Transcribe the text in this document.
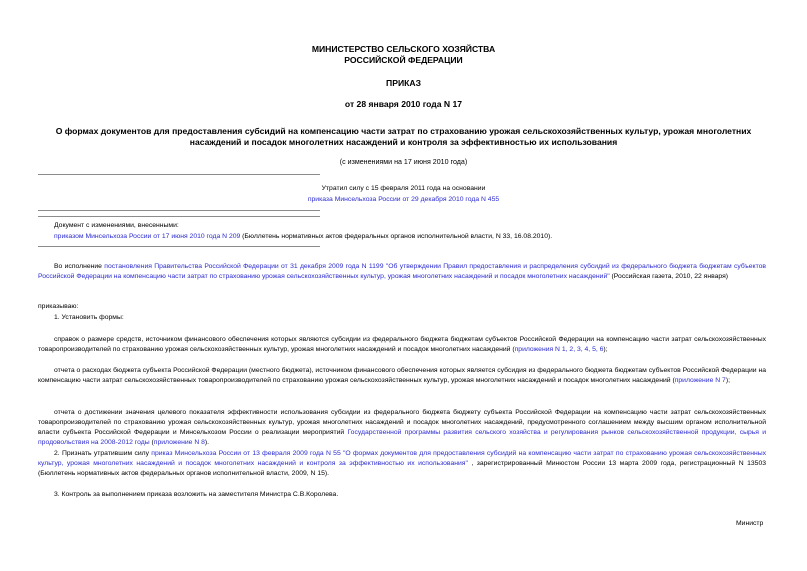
МИНИСТЕРСТВО СЕЛЬСКОГО ХОЗЯЙСТВА
РОССИЙСКОЙ ФЕДЕРАЦИИ
ПРИКАЗ
от 28 января 2010 года N 17
О формах документов для предоставления субсидий на компенсацию части затрат по страхованию урожая сельскохозяйственных культур, урожая многолетних
насаждений и посадок многолетних насаждений и контроля за эффективностью их использования
(с изменениями на 17 июня 2010 года)
Утратил силу с 15 февраля 2011 года на основании
приказа Минсельхоза России от 29 декабря 2010 года N 455
Документ с изменениями, внесенными:
приказом Минсельхоза России от 17 июня 2010 года N 209 (Бюллетень нормативных актов федеральных органов исполнительной власти, N 33, 16.08.2010).
Во исполнение постановления Правительства Российской Федерации от 31 декабря 2009 года N 1199 "Об утверждении Правил предоставления и распределения субсидий из федерального бюджета бюджетам субъектов Российской Федерации на компенсацию части затрат по страхованию урожая сельскохозяйственных культур, урожая многолетних насаждений и посадок многолетних насаждений" (Российская газета, 2010, 22 января)
приказываю:
1. Установить формы:
справок о размере средств, источником финансового обеспечения которых являются субсидии из федерального бюджета бюджетам субъектов Российской Федерации на компенсацию части затрат сельскохозяйственных товаропроизводителей по страхованию урожая сельскохозяйственных культур, урожая многолетних насаждений и посадок многолетних насаждений (приложения N 1, 2, 3, 4, 5, 6);
отчета о расходах бюджета субъекта Российской Федерации (местного бюджета), источником финансового обеспечения которых является субсидия из федерального бюджета бюджетам субъектов Российской Федерации на компенсацию части затрат сельскохозяйственных товаропроизводителей по страхованию урожая сельскохозяйственных культур, урожая многолетних насаждений и посадок многолетних насаждений (приложение N 7);
отчета о достижении значения целевого показателя эффективности использования субсидии из федерального бюджета бюджету субъекта Российской Федерации на компенсацию части затрат сельскохозяйственных товаропроизводителей по страхованию урожая сельскохозяйственных культур, урожая многолетних насаждений и посадок многолетних насаждений, предусмотренного соглашением между высшим органом исполнительной власти субъекта Российской Федерации и Минсельхозом России о реализации мероприятий Государственной программы развития сельского хозяйства и регулирования рынков сельскохозяйственной продукции, сырья и продовольствия на 2008-2012 годы (приложение N 8).
2. Признать утратившим силу приказ Минсельхоза России от 13 февраля 2009 года N 55 "О формах документов для предоставления субсидий на компенсацию части затрат по страхованию урожая сельскохозяйственных культур, урожая многолетних насаждений и посадок многолетних насаждений и контроля за эффективностью их использования" , зарегистрированный Минюстом России 13 марта 2009 года, регистрационный N 13503 (Бюллетень нормативных актов федеральных органов исполнительной власти, 2009, N 15).
3. Контроль за выполнением приказа возложить на заместителя Министра С.В.Королева.
Министр
